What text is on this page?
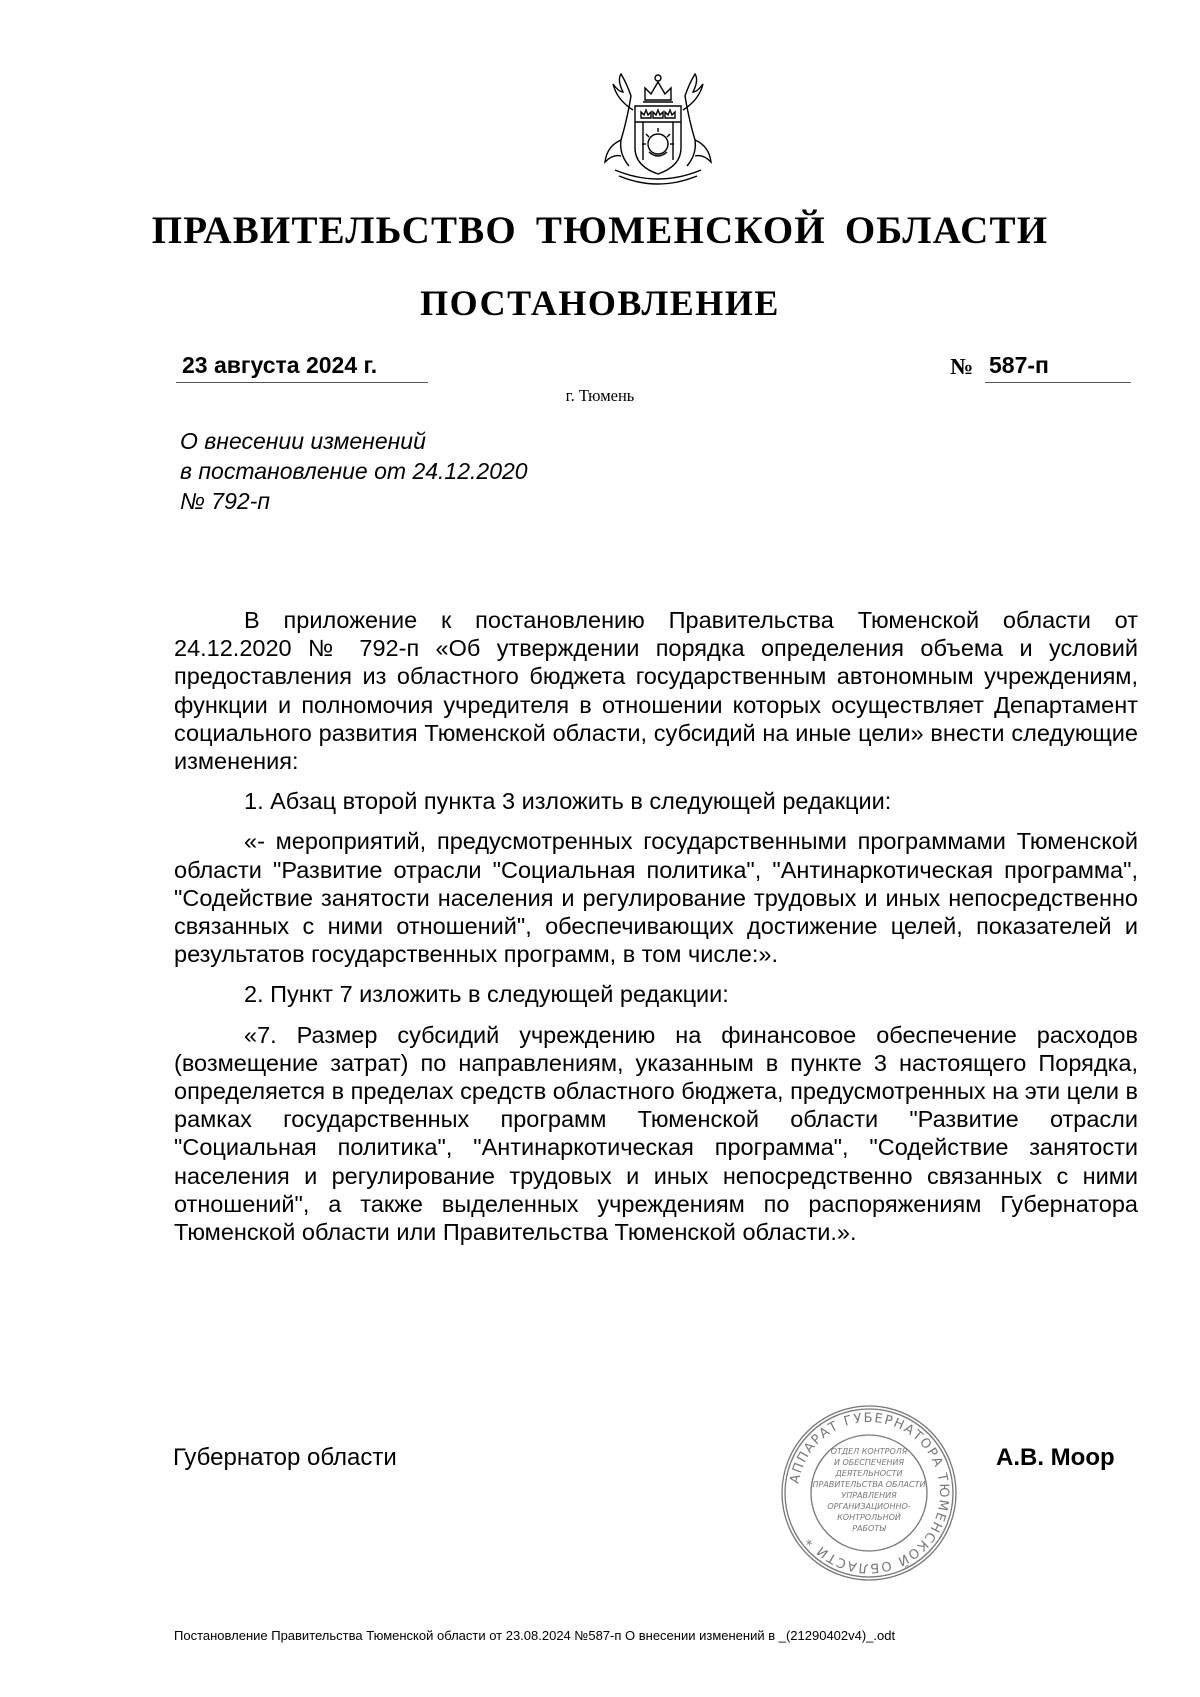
ПРАВИТЕЛЬСТВО ТЮМЕНСКОЙ ОБЛАСТИ
ПОСТАНОВЛЕНИЕ
23 августа 2024 г.	№ 587-п
г. Тюмень
О внесении изменений
в постановление от 24.12.2020
№ 792-п

В приложение к постановлению Правительства Тюменской области от 24.12.2020 № 792-п «Об утверждении порядка определения объема и условий предоставления из областного бюджета государственным автономным учреждениям, функции и полномочия учредителя в отношении которых осуществляет Департамент социального развития Тюменской области, субсидий на иные цели» внести следующие изменения:

1. Абзац второй пункта 3 изложить в следующей редакции:

«- мероприятий, предусмотренных государственными программами Тюменской области "Развитие отрасли "Социальная политика", "Антинаркотическая программа", "Содействие занятости населения и регулирование трудовых и иных непосредственно связанных с ними отношений", обеспечивающих достижение целей, показателей и результатов государственных программ, в том числе:».

2. Пункт 7 изложить в следующей редакции:

«7. Размер субсидий учреждению на финансовое обеспечение расходов (возмещение затрат) по направлениям, указанным в пункте 3 настоящего Порядка, определяется в пределах средств областного бюджета, предусмотренных на эти цели в рамках государственных программ Тюменской области "Развитие отрасли "Социальная политика", "Антинаркотическая программа", "Содействие занятости населения и регулирование трудовых и иных непосредственно связанных с ними отношений", а также выделенных учреждениям по распоряжениям Губернатора Тюменской области или Правительства Тюменской области.».

Губернатор области	А.В. Моор
АППАРАТ ГУБЕРНАТОРА ТЮМЕНСКОЙ ОБЛАСТИ *
ОТДЕЛ КОНТРОЛЯ
И ОБЕСПЕЧЕНИЯ
ДЕЯТЕЛЬНОСТИ
ПРАВИТЕЛЬСТВА ОБЛАСТИ
УПРАВЛЕНИЯ
ОРГАНИЗАЦИОННО-
КОНТРОЛЬНОЙ
РАБОТЫ
Постановление Правительства Тюменской области от 23.08.2024 №587-п О внесении изменений в _(21290402v4)_.odt
